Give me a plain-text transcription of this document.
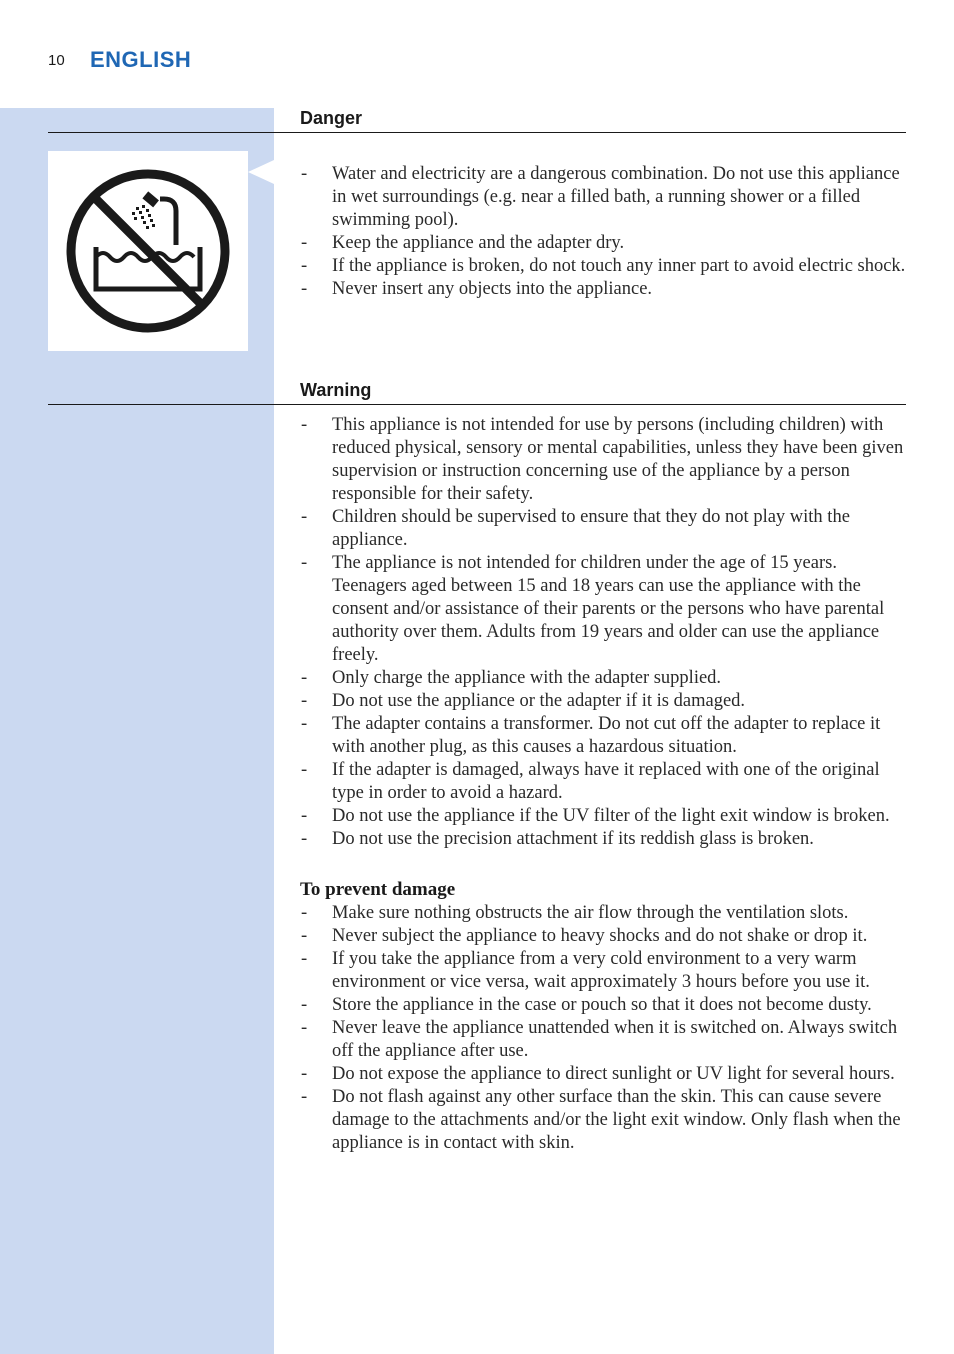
10 ENGLISH
Danger
- Water and electricity are a dangerous combination. Do not use this appliance in wet surroundings (e.g. near a filled bath, a running shower or a filled swimming pool).
- Keep the appliance and the adapter dry.
- If the appliance is broken, do not touch any inner part to avoid electric shock.
- Never insert any objects into the appliance.
Warning
- This appliance is not intended for use by persons (including children) with reduced physical, sensory or mental capabilities, unless they have been given supervision or instruction concerning use of the appliance by a person responsible for their safety.
- Children should be supervised to ensure that they do not play with the appliance.
- The appliance is not intended for children under the age of 15 years. Teenagers aged between 15 and 18 years can use the appliance with the consent and/or assistance of their parents or the persons who have parental authority over them. Adults from 19 years and older can use the appliance freely.
- Only charge the appliance with the adapter supplied.
- Do not use the appliance or the adapter if it is damaged.
- The adapter contains a transformer. Do not cut off the adapter to replace it with another plug, as this causes a hazardous situation.
- If the adapter is damaged, always have it replaced with one of the original type in order to avoid a hazard.
- Do not use the appliance if the UV filter of the light exit window is broken.
- Do not use the precision attachment if its reddish glass is broken.
To prevent damage
- Make sure nothing obstructs the air flow through the ventilation slots.
- Never subject the appliance to heavy shocks and do not shake or drop it.
- If you take the appliance from a very cold environment to a very warm environment or vice versa, wait approximately 3 hours before you use it.
- Store the appliance in the case or pouch so that it does not become dusty.
- Never leave the appliance unattended when it is switched on. Always switch off the appliance after use.
- Do not expose the appliance to direct sunlight or UV light for several hours.
- Do not flash against any other surface than the skin. This can cause severe damage to the attachments and/or the light exit window. Only flash when the appliance is in contact with skin.
